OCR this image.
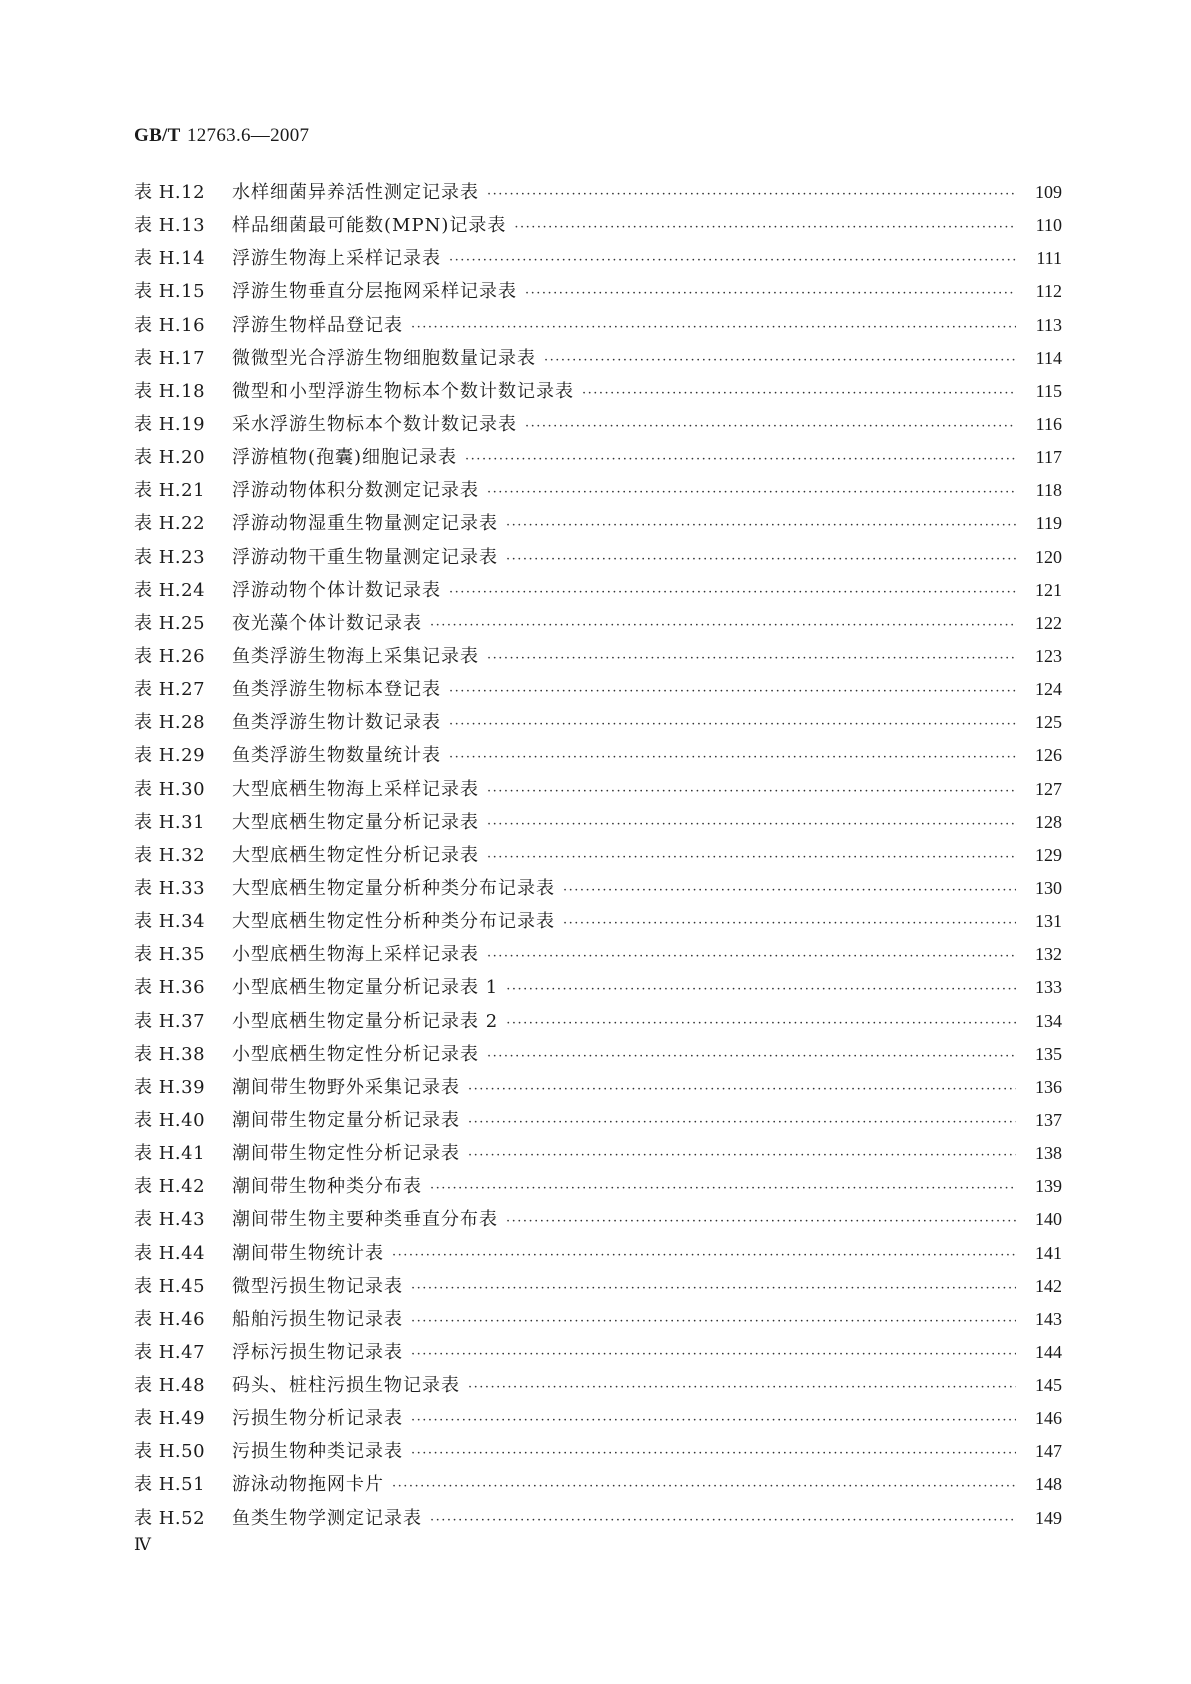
GB/T 12763.6—2007
表 H.12	水样细菌异养活性测定记录表 ·····	109
表 H.13	样品细菌最可能数(MPN)记录表 ·····	110
表 H.14	浮游生物海上采样记录表 ·····	111
表 H.15	浮游生物垂直分层拖网采样记录表 ·····	112
表 H.16	浮游生物样品登记表 ·····	113
表 H.17	微微型光合浮游生物细胞数量记录表 ·····	114
表 H.18	微型和小型浮游生物标本个数计数记录表 ·····	115
表 H.19	采水浮游生物标本个数计数记录表 ·····	116
表 H.20	浮游植物(孢囊)细胞记录表 ·····	117
表 H.21	浮游动物体积分数测定记录表 ·····	118
表 H.22	浮游动物湿重生物量测定记录表 ·····	119
表 H.23	浮游动物干重生物量测定记录表 ·····	120
表 H.24	浮游动物个体计数记录表 ·····	121
表 H.25	夜光藻个体计数记录表 ·····	122
表 H.26	鱼类浮游生物海上采集记录表 ·····	123
表 H.27	鱼类浮游生物标本登记表 ·····	124
表 H.28	鱼类浮游生物计数记录表 ·····	125
表 H.29	鱼类浮游生物数量统计表 ·····	126
表 H.30	大型底栖生物海上采样记录表 ·····	127
表 H.31	大型底栖生物定量分析记录表 ·····	128
表 H.32	大型底栖生物定性分析记录表 ·····	129
表 H.33	大型底栖生物定量分析种类分布记录表 ·····	130
表 H.34	大型底栖生物定性分析种类分布记录表 ·····	131
表 H.35	小型底栖生物海上采样记录表 ·····	132
表 H.36	小型底栖生物定量分析记录表 1 ·····	133
表 H.37	小型底栖生物定量分析记录表 2 ·····	134
表 H.38	小型底栖生物定性分析记录表 ·····	135
表 H.39	潮间带生物野外采集记录表 ·····	136
表 H.40	潮间带生物定量分析记录表 ·····	137
表 H.41	潮间带生物定性分析记录表 ·····	138
表 H.42	潮间带生物种类分布表 ·····	139
表 H.43	潮间带生物主要种类垂直分布表 ·····	140
表 H.44	潮间带生物统计表 ·····	141
表 H.45	微型污损生物记录表 ·····	142
表 H.46	船舶污损生物记录表 ·····	143
表 H.47	浮标污损生物记录表 ·····	144
表 H.48	码头、桩柱污损生物记录表 ·····	145
表 H.49	污损生物分析记录表 ·····	146
表 H.50	污损生物种类记录表 ·····	147
表 H.51	游泳动物拖网卡片 ·····	148
表 H.52	鱼类生物学测定记录表 ·····	149
Ⅳ
